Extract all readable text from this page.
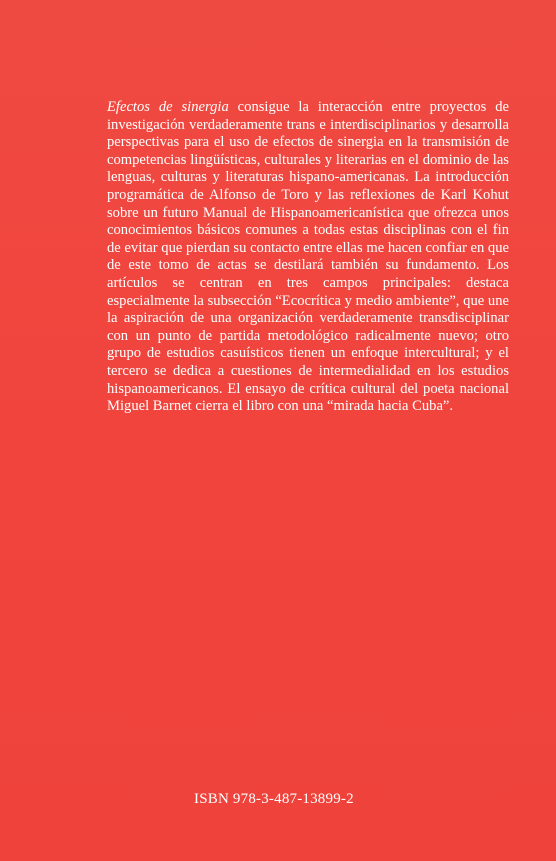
Efectos de sinergia consigue la interacción entre proyectos de investigación verdaderamente trans e interdisciplinarios y desarrolla perspectivas para el uso de efectos de sinergia en la transmisión de competencias lingüísticas, culturales y literarias en el dominio de las lenguas, culturas y literaturas hispano-americanas. La introducción programática de Alfonso de Toro y las reflexiones de Karl Kohut sobre un futuro Manual de Hispanoamericanística que ofrezca unos conocimientos básicos comunes a todas estas disciplinas con el fin de evitar que pierdan su contacto entre ellas me hacen confiar en que de este tomo de actas se destilará también su fundamento. Los artículos se centran en tres campos principales: destaca especialmente la subsección “Ecocrítica y medio ambiente”, que une la aspiración de una organización verdaderamente transdisciplinar con un punto de partida metodológico radicalmente nuevo; otro grupo de estudios casuísticos tienen un enfoque intercultural; y el tercero se dedica a cuestiones de intermedialidad en los estudios hispanoamericanos. El ensayo de crítica cultural del poeta nacional Miguel Barnet cierra el libro con una “mirada hacia Cuba”.

ISBN 978-3-487-13899-2
